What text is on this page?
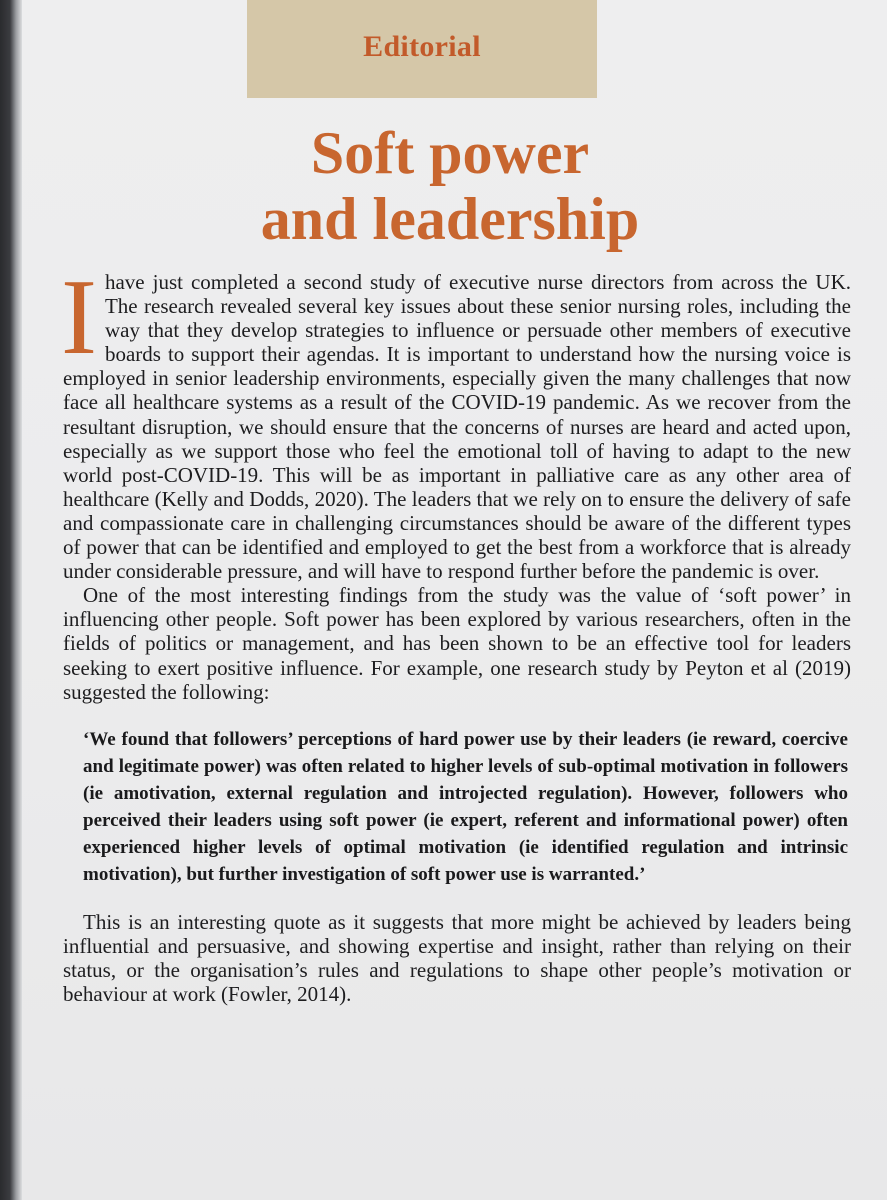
Editorial
Soft power
and leadership

Ihave just completed a second study of executive nurse directors from across the UK. The research revealed several key issues about these senior nursing roles, including the way that they develop strategies to influence or persuade other members of executive boards to support their agendas. It is important to understand how the nursing voice is employed in senior leadership environments, especially given the many challenges that now face all healthcare systems as a result of the COVID-19 pandemic. As we recover from the resultant disruption, we should ensure that the concerns of nurses are heard and acted upon, especially as we support those who feel the emotional toll of having to adapt to the new world post-COVID-19. This will be as important in palliative care as any other area of healthcare (Kelly and Dodds, 2020). The leaders that we rely on to ensure the delivery of safe and compassionate care in challenging circumstances should be aware of the different types of power that can be identified and employed to get the best from a workforce that is already under considerable pressure, and will have to respond further before the pandemic is over.

One of the most interesting findings from the study was the value of ‘soft power’ in influencing other people. Soft power has been explored by various researchers, often in the fields of politics or management, and has been shown to be an effective tool for leaders seeking to exert positive influence. For example, one research study by Peyton et al (2019) suggested the following:

‘We found that followers’ perceptions of hard power use by their leaders (ie reward, coercive and legitimate power) was often related to higher levels of sub-optimal motivation in followers (ie amotivation, external regulation and introjected regulation). However, followers who perceived their leaders using soft power (ie expert, referent and informational power) often experienced higher levels of optimal motivation (ie identified regulation and intrinsic motivation), but further investigation of soft power use is warranted.’

This is an interesting quote as it suggests that more might be achieved by leaders being influential and persuasive, and showing expertise and insight, rather than relying on their status, or the organisation’s rules and regulations to shape other people’s motivation or behaviour at work (Fowler, 2014).
